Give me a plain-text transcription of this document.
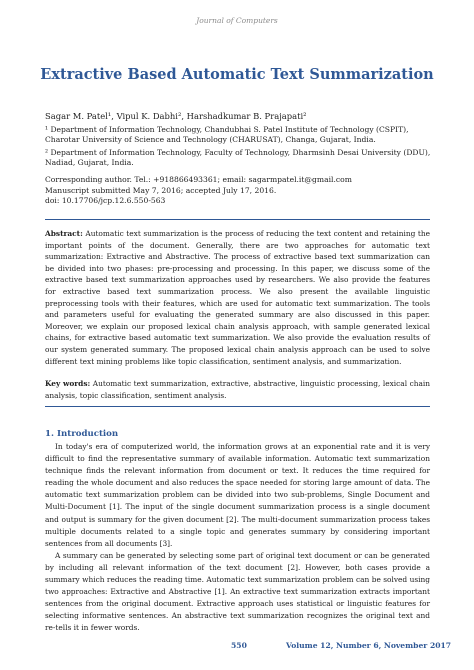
Journal of Computers
Extractive Based Automatic Text Summarization
Sagar M. Patel¹, Vipul K. Dabhi², Harshadkumar B. Prajapati²
¹ Department of Information Technology, Chandubhai S. Patel Institute of Technology (CSPIT), Charotar University of Science and Technology (CHARUSAT), Changa, Gujarat, India.
² Department of Information Technology, Faculty of Technology, Dharmsinh Desai University (DDU), Nadiad, Gujarat, India.
Corresponding author. Tel.: +918866493361; email: sagarmpatel.it@gmail.com
Manuscript submitted May 7, 2016; accepted July 17, 2016.
doi: 10.17706/jcp.12.6.550-563
Abstract: Automatic text summarization is the process of reducing the text content and retaining the important points of the document. Generally, there are two approaches for automatic text summarization: Extractive and Abstractive. The process of extractive based text summarization can be divided into two phases: pre-processing and processing. In this paper, we discuss some of the extractive based text summarization approaches used by researchers. We also provide the features for extractive based text summarization process. We also present the available linguistic preprocessing tools with their features, which are used for automatic text summarization. The tools and parameters useful for evaluating the generated summary are also discussed in this paper. Moreover, we explain our proposed lexical chain analysis approach, with sample generated lexical chains, for extractive based automatic text summarization. We also provide the evaluation results of our system generated summary. The proposed lexical chain analysis approach can be used to solve different text mining problems like topic classification, sentiment analysis, and summarization.
Key words: Automatic text summarization, extractive, abstractive, linguistic processing, lexical chain analysis, topic classification, sentiment analysis.
1. Introduction

In today's era of computerized world, the information grows at an exponential rate and it is very difficult to find the representative summary of available information. Automatic text summarization technique finds the relevant information from document or text. It reduces the time required for reading the whole document and also reduces the space needed for storing large amount of data. The automatic text summarization problem can be divided into two sub-problems, Single Document and Multi-Document [1]. The input of the single document summarization process is a single document and output is summary for the given document [2]. The multi-document summarization process takes multiple documents related to a single topic and generates summary by considering important sentences from all documents [3].

A summary can be generated by selecting some part of original text document or can be generated by including all relevant information of the text document [2]. However, both cases provide a summary which reduces the reading time. Automatic text summarization problem can be solved using two approaches: Extractive and Abstractive [1]. An extractive text summarization extracts important sentences from the original document. Extractive approach uses statistical or linguistic features for selecting informative sentences. An abstractive text summarization recognizes the original text and re-tells it in fewer words.

550	Volume 12, Number 6, November 2017
